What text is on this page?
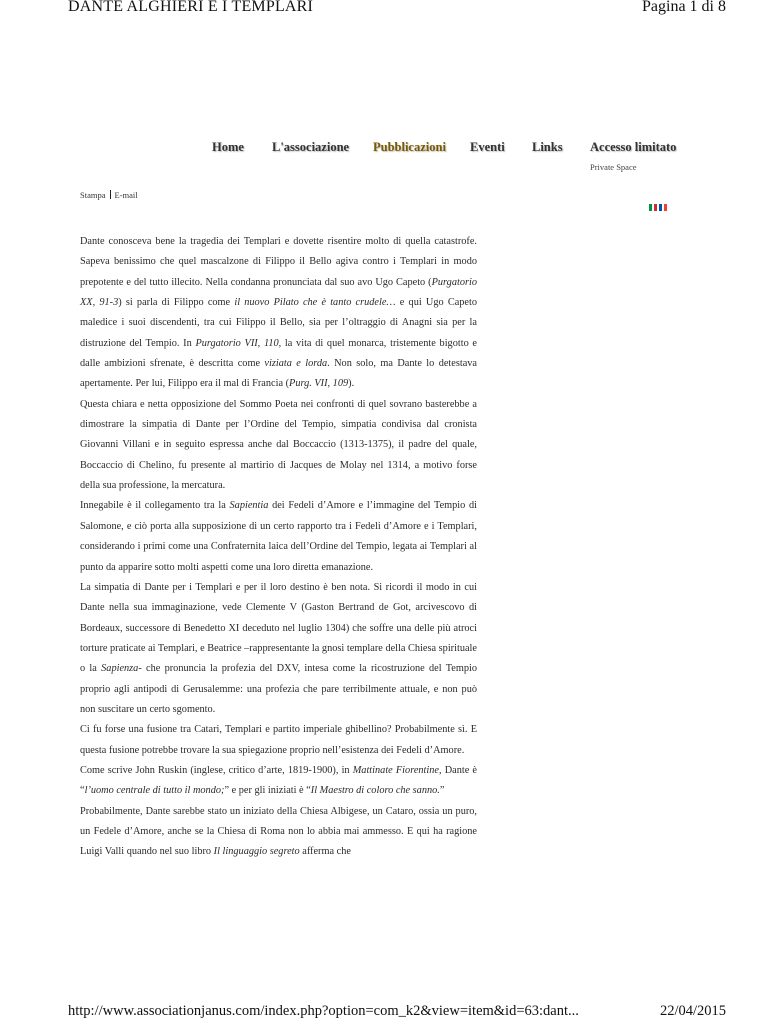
DANTE ALGHIERI E I TEMPLARI	Pagina 1 di 8
Home L'associazione Pubblicazioni Eventi Links Accesso limitato
Private Space
Stampa E-mail

Dante conosceva bene la tragedia dei Templari e dovette risentire molto di quella catastrofe. Sapeva benissimo che quel mascalzone di Filippo il Bello agiva contro i Templari in modo prepotente e del tutto illecito. Nella condanna pronunciata dal suo avo Ugo Capeto (Purgatorio XX, 91-3) si parla di Filippo come il nuovo Pilato che è tanto crudele… e qui Ugo Capeto maledice i suoi discendenti, tra cui Filippo il Bello, sia per l’oltraggio di Anagni sia per la distruzione del Tempio. In Purgatorio VII, 110, la vita di quel monarca, tristemente bigotto e dalle ambizioni sfrenate, è descritta come viziata e lorda. Non solo, ma Dante lo detestava apertamente. Per lui, Filippo era il mal di Francia (Purg. VII, 109).

Questa chiara e netta opposizione del Sommo Poeta nei confronti di quel sovrano basterebbe a dimostrare la simpatia di Dante per l’Ordine del Tempio, simpatia condivisa dal cronista Giovanni Villani e in seguito espressa anche dal Boccaccio (1313-1375), il padre del quale, Boccaccio di Chelino, fu presente al martirio di Jacques de Molay nel 1314, a motivo forse della sua professione, la mercatura.

Innegabile è il collegamento tra la Sapientia dei Fedeli d’Amore e l’immagine del Tempio di Salomone, e ciò porta alla supposizione di un certo rapporto tra i Fedeli d’Amore e i Templari, considerando i primi come una Confraternita laica dell’Ordine del Tempio, legata ai Templari al punto da apparire sotto molti aspetti come una loro diretta emanazione.

La simpatia di Dante per i Templari e per il loro destino è ben nota. Si ricordi il modo in cui Dante nella sua immaginazione, vede Clemente V (Gaston Bertrand de Got, arcivescovo di Bordeaux, successore di Benedetto XI deceduto nel luglio 1304) che soffre una delle più atroci torture praticate ai Templari, e Beatrice –rappresentante la gnosi templare della Chiesa spirituale o la Sapienza- che pronuncia la profezia del DXV, intesa come la ricostruzione del Tempio proprio agli antipodi di Gerusalemme: una profezia che pare terribilmente attuale, e non può non suscitare un certo sgomento.

Ci fu forse una fusione tra Catari, Templari e partito imperiale ghibellino? Probabilmente sì. E questa fusione potrebbe trovare la sua spiegazione proprio nell’esistenza dei Fedeli d’Amore.

Come scrive John Ruskin (inglese, critico d’arte, 1819-1900), in Mattinate Fiorentine, Dante è “l’uomo centrale di tutto il mondo;” e per gli iniziati è “Il Maestro di coloro che sanno.”

Probabilmente, Dante sarebbe stato un iniziato della Chiesa Albigese, un Cataro, ossia un puro, un Fedele d’Amore, anche se la Chiesa di Roma non lo abbia mai ammesso. E qui ha ragione Luigi Valli quando nel suo libro Il linguaggio segreto afferma che

http://www.associationjanus.com/index.php?option=com_k2&view=item&id=63:dant...	22/04/2015
